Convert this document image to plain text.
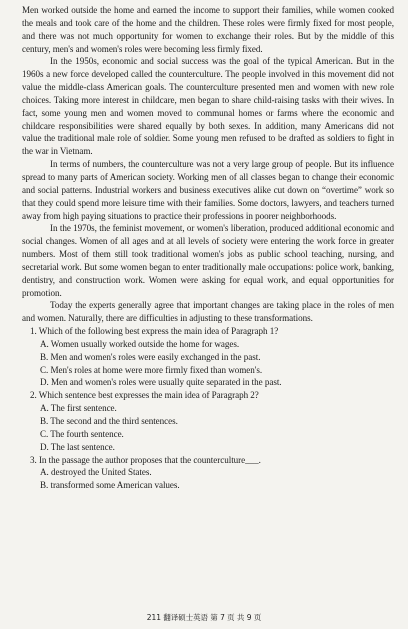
Men worked outside the home and earned the income to support their families, while women cooked the meals and took care of the home and the children. These roles were firmly fixed for most people, and there was not much opportunity for women to exchange their roles. But by the middle of this century, men's and women's roles were becoming less firmly fixed.

In the 1950s, economic and social success was the goal of the typical American. But in the 1960s a new force developed called the counterculture. The people involved in this movement did not value the middle-class American goals. The counterculture presented men and women with new role choices. Taking more interest in childcare, men began to share child-raising tasks with their wives. In fact, some young men and women moved to communal homes or farms where the economic and childcare responsibilities were shared equally by both sexes. In addition, many Americans did not value the traditional male role of soldier. Some young men refused to be drafted as soldiers to fight in the war in Vietnam.

In terms of numbers, the counterculture was not a very large group of people. But its influence spread to many parts of American society. Working men of all classes began to change their economic and social patterns. Industrial workers and business executives alike cut down on “overtime” work so that they could spend more leisure time with their families. Some doctors, lawyers, and teachers turned away from high paying situations to practice their professions in poorer neighborhoods.

In the 1970s, the feminist movement, or women's liberation, produced additional economic and social changes. Women of all ages and at all levels of society were entering the work force in greater numbers. Most of them still took traditional women's jobs as public school teaching, nursing, and secretarial work. But some women began to enter traditionally male occupations: police work, banking, dentistry, and construction work. Women were asking for equal work, and equal opportunities for promotion.

Today the experts generally agree that important changes are taking place in the roles of men and women. Naturally, there are difficulties in adjusting to these transformations.

1. Which of the following best express the main idea of Paragraph 1?

A. Women usually worked outside the home for wages.

B. Men and women's roles were easily exchanged in the past.

C. Men's roles at home were more firmly fixed than women's.

D. Men and women's roles were usually quite separated in the past.

2. Which sentence best expresses the main idea of Paragraph 2?

A. The first sentence.

B. The second and the third sentences.

C. The fourth sentence.

D. The last sentence.

3. In the passage the author proposes that the counterculture___.

A. destroyed the United States.

B. transformed some American values.

211 翻译硕士英语 第 7 页 共 9 页
